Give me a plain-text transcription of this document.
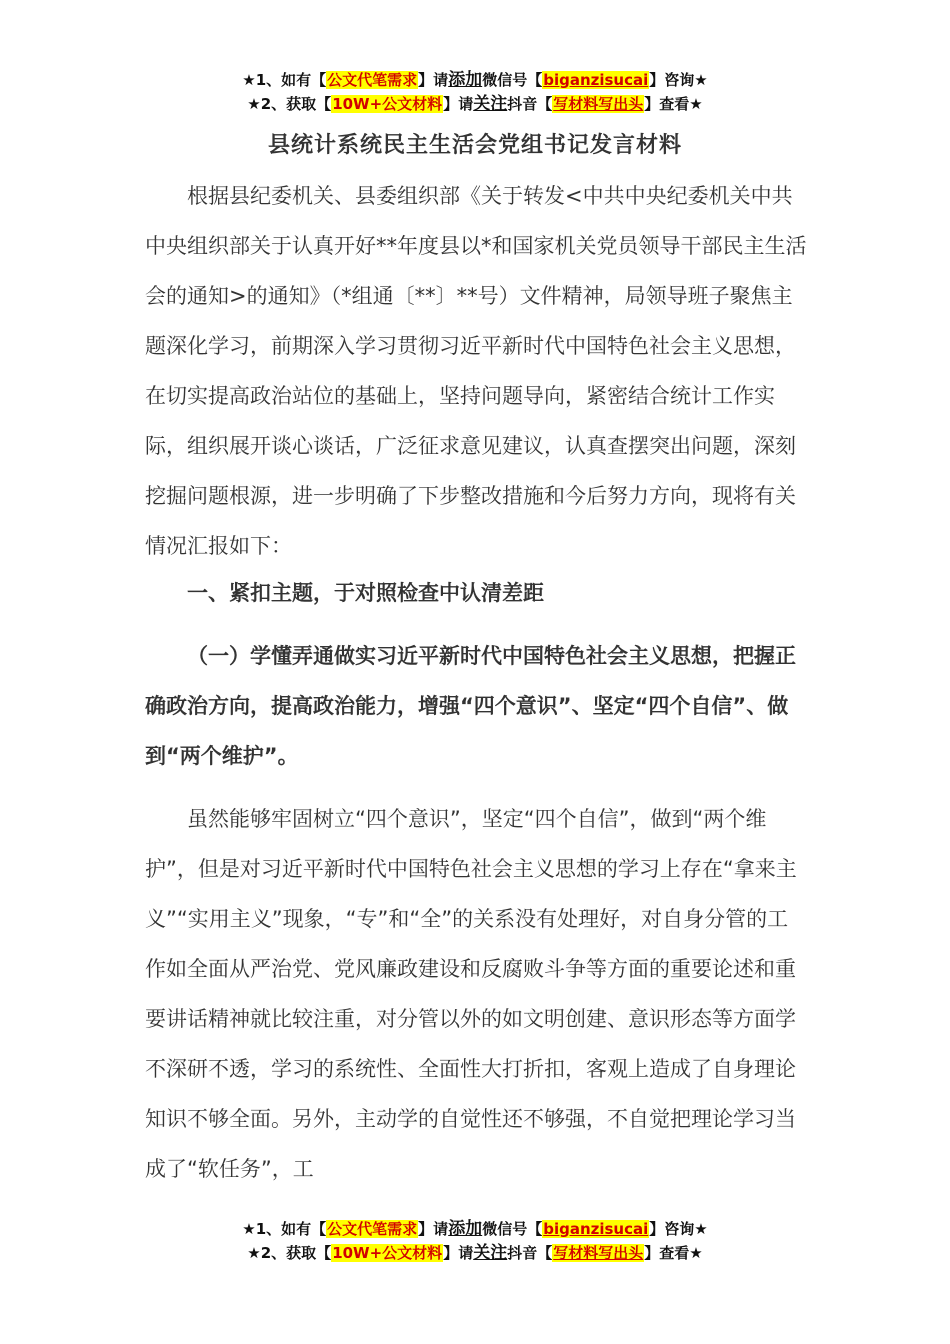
★1、如有【公文代笔需求】请添加微信号【biganzisucai】咨询★
★2、获取【10W+公文材料】请关注抖音【写材料写出头】查看★
县统计系统民主生活会党组书记发言材料

根据县纪委机关、县委组织部《关于转发<中共中央纪委机关中共中央组织部关于认真开好**年度县以*和国家机关党员领导干部民主生活会的通知>的通知》（*组通〔**〕**号）文件精神，局领导班子聚焦主题深化学习，前期深入学习贯彻习近平新时代中国特色社会主义思想，在切实提高政治站位的基础上，坚持问题导向，紧密结合统计工作实际，组织展开谈心谈话，广泛征求意见建议，认真查摆突出问题，深刻挖掘问题根源，进一步明确了下步整改措施和今后努力方向，现将有关情况汇报如下：

一、紧扣主题，于对照检查中认清差距

（一）学懂弄通做实习近平新时代中国特色社会主义思想，把握正确政治方向，提高政治能力，增强“四个意识”、坚定“四个自信”、做到“两个维护”。

虽然能够牢固树立“四个意识”，坚定“四个自信”，做到“两个维护”，但是对习近平新时代中国特色社会主义思想的学习上存在“拿来主义”“实用主义”现象，“专”和“全”的关系没有处理好，对自身分管的工作如全面从严治党、党风廉政建设和反腐败斗争等方面的重要论述和重要讲话精神就比较注重，对分管以外的如文明创建、意识形态等方面学不深研不透，学习的系统性、全面性大打折扣，客观上造成了自身理论知识不够全面。另外，主动学的自觉性还不够强，不自觉把理论学习当成了“软任务”，工

★1、如有【公文代笔需求】请添加微信号【biganzisucai】咨询★
★2、获取【10W+公文材料】请关注抖音【写材料写出头】查看★
